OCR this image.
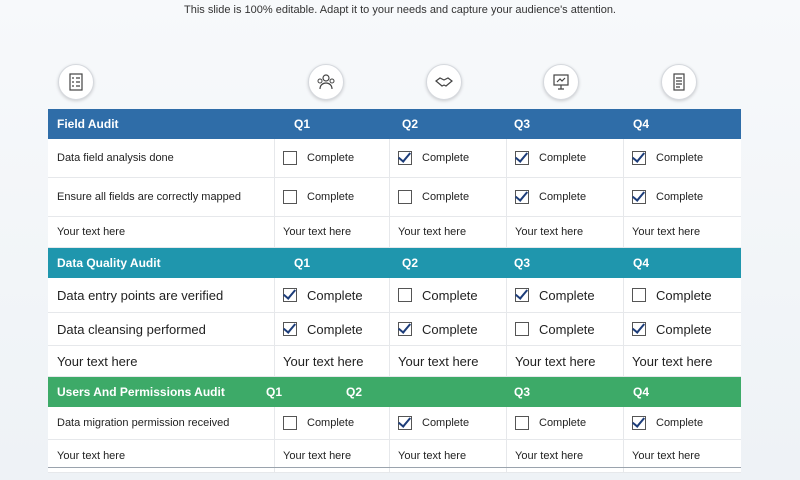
This slide is 100% editable. Adapt it to your needs and capture your audience's attention.
Field Audit	Q1	Q2	Q3	Q4
Data field analysis done	Complete	Complete	Complete	Complete
Ensure all fields are correctly mapped	Complete	Complete	Complete	Complete
Your text here	Your text here	Your text here	Your text here	Your text here
Data Quality Audit	Q1	Q2	Q3	Q4
Data entry points are verified	Complete	Complete	Complete	Complete
Data cleansing performed	Complete	Complete	Complete	Complete
Your text here	Your text here	Your text here	Your text here	Your text here
Users And Permissions Audit	Q1	Q2	Q3	Q4
Data migration permission received	Complete	Complete	Complete	Complete
Your text here	Your text here	Your text here	Your text here	Your text here
